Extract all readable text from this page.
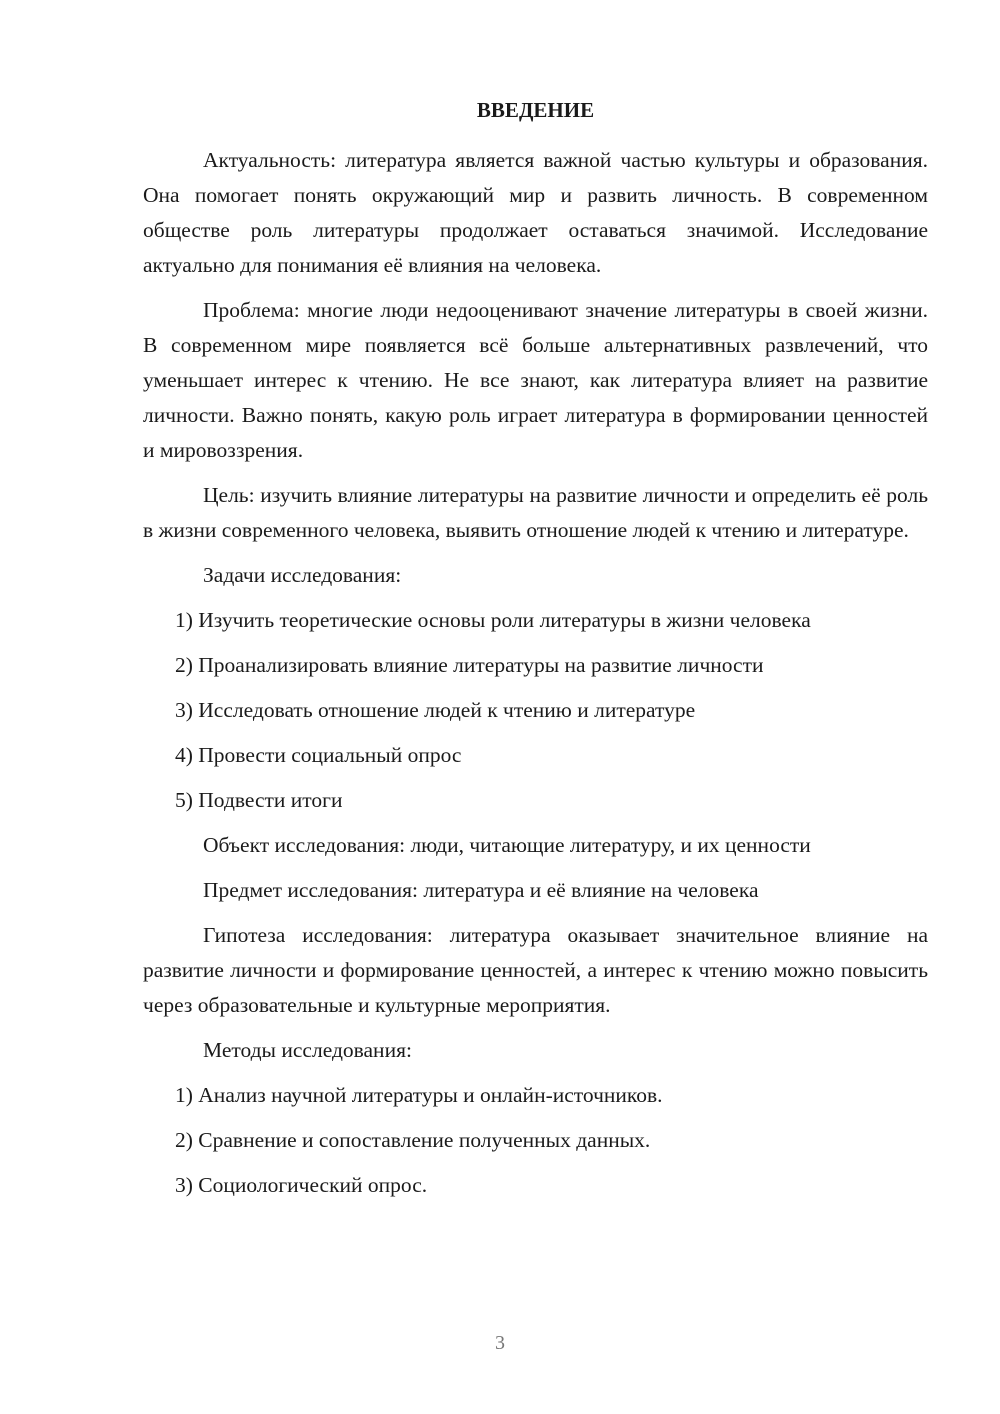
ВВЕДЕНИЕ

Актуальность: литература является важной частью культуры и образования. Она помогает понять окружающий мир и развить личность. В современном обществе роль литературы продолжает оставаться значимой. Исследование актуально для понимания её влияния на человека.

Проблема: многие люди недооценивают значение литературы в своей жизни. В современном мире появляется всё больше альтернативных развлечений, что уменьшает интерес к чтению. Не все знают, как литература влияет на развитие личности. Важно понять, какую роль играет литература в формировании ценностей и мировоззрения.

Цель: изучить влияние литературы на развитие личности и определить её роль в жизни современного человека, выявить отношение людей к чтению и литературе.

Задачи исследования:
1) Изучить теоретические основы роли литературы в жизни человека
2) Проанализировать влияние литературы на развитие личности
3) Исследовать отношение людей к чтению и литературе
4) Провести социальный опрос
5) Подвести итоги
Объект исследования: люди, читающие литературу, и их ценности
Предмет исследования: литература и её влияние на человека

Гипотеза исследования: литература оказывает значительное влияние на развитие личности и формирование ценностей, а интерес к чтению можно повысить через образовательные и культурные мероприятия.

Методы исследования:
1) Анализ научной литературы и онлайн-источников.
2) Сравнение и сопоставление полученных данных.
3) Социологический опрос.
3
